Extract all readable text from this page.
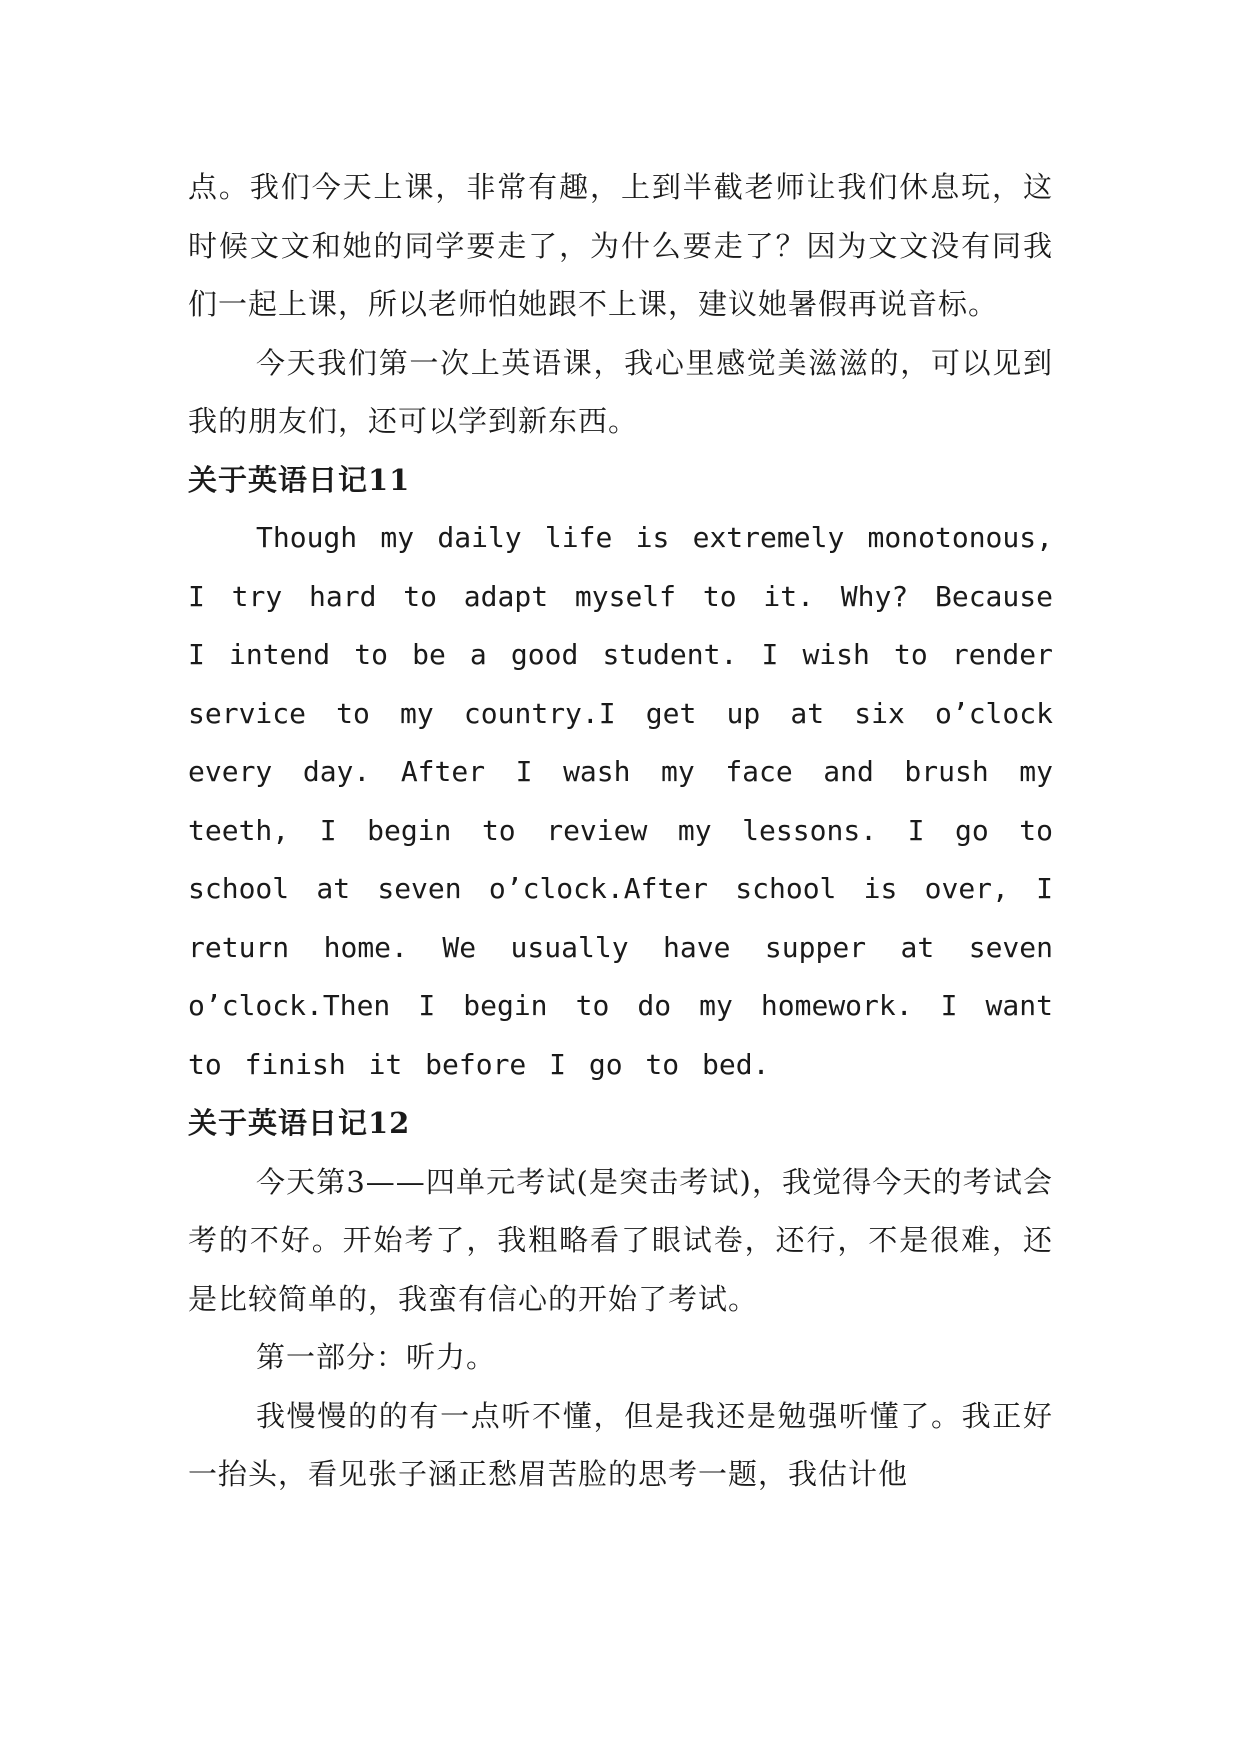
点。我们今天上课，非常有趣，上到半截老师让我们休息玩，这时候文文和她的同学要走了，为什么要走了？因为文文没有同我们一起上课，所以老师怕她跟不上课，建议她暑假再说音标。

今天我们第一次上英语课，我心里感觉美滋滋的，可以见到我的朋友们，还可以学到新东西。

关于英语日记11

Though my daily life is extremely monotonous, I try hard to adapt myself to it. Why? Because I intend to be a good student. I wish to render service to my country.I get up at six o’clock every day. After I wash my face and brush my teeth, I begin to review my lessons. I go to school at seven o’clock.After school is over, I return home. We usually have supper at seven o’clock.Then I begin to do my homework. I want to finish it before I go to bed.

关于英语日记12

今天第3——四单元考试(是突击考试)，我觉得今天的考试会考的不好。开始考了，我粗略看了眼试卷，还行，不是很难，还是比较简单的，我蛮有信心的开始了考试。

第一部分：听力。

我慢慢的的有一点听不懂，但是我还是勉强听懂了。我正好一抬头，看见张子涵正愁眉苦脸的思考一题，我估计他
